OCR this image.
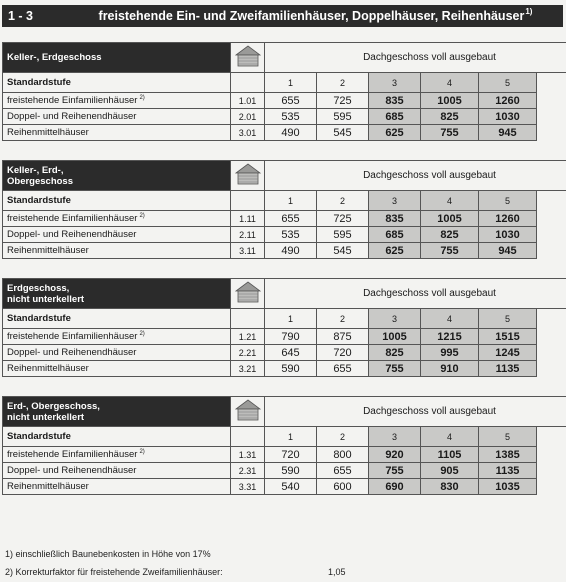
1 - 3	freistehende Ein- und Zweifamilienhäuser, Doppelhäuser, Reihenhäuser$^{1)}$
Keller-, Erdgeschoss		Dachgeschoss voll ausgebaut				
Standardstufe		1	2	3	4	5
freistehende Einfamilienhäuser $^{2)}$	1.01	655	725	835	1005	1260
Doppel- und Reihenendhäuser	2.01	535	595	685	825	1030
Reihenmittelhäuser	3.01	490	545	625	755	945
Keller-, Erd-,
Obergeschoss		Dachgeschoss voll ausgebaut				
Standardstufe		1	2	3	4	5
freistehende Einfamilienhäuser $^{2)}$	1.11	655	725	835	1005	1260
Doppel- und Reihenendhäuser	2.11	535	595	685	825	1030
Reihenmittelhäuser	3.11	490	545	625	755	945
Erdgeschoss,
nicht unterkellert		Dachgeschoss voll ausgebaut				
Standardstufe		1	2	3	4	5
freistehende Einfamilienhäuser $^{2)}$	1.21	790	875	1005	1215	1515
Doppel- und Reihenendhäuser	2.21	645	720	825	995	1245
Reihenmittelhäuser	3.21	590	655	755	910	1135
Erd-, Obergeschoss,
nicht unterkellert		Dachgeschoss voll ausgebaut				
Standardstufe		1	2	3	4	5
freistehende Einfamilienhäuser $^{2)}$	1.31	720	800	920	1105	1385
Doppel- und Reihenendhäuser	2.31	590	655	755	905	1135
Reihenmittelhäuser	3.31	540	600	690	830	1035
1) einschließlich Baunebenkosten in Höhe von 17%
2) Korrekturfaktor für freistehende Zweifamilienhäuser:	1,05
